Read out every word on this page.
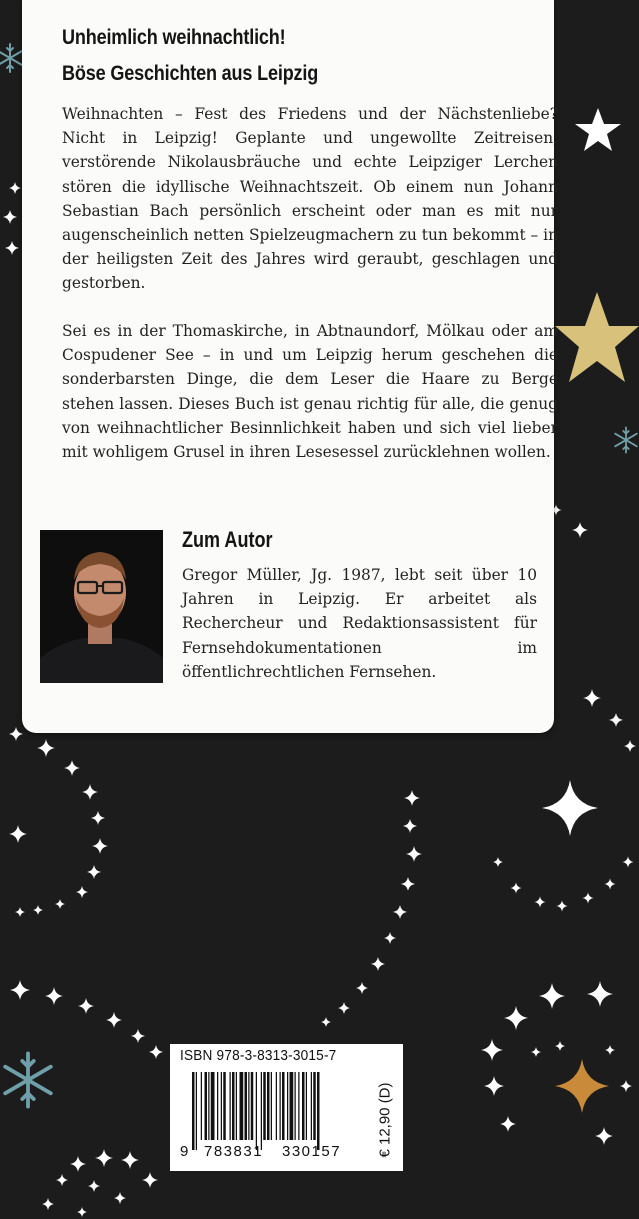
Unheimlich weihnachtlich!
Böse Geschichten aus Leipzig

Weihnachten – Fest des Friedens und der Nächstenliebe? Nicht in Leipzig! Geplante und ungewollte Zeitreisen, verstörende Nikolausbräuche und echte Leipziger Lerchen stören die idyllische Weihnachtszeit. Ob einem nun Johann Sebastian Bach persönlich erscheint oder man es mit nur augenscheinlich netten Spielzeugmachern zu tun bekommt – in der heiligsten Zeit des Jahres wird geraubt, geschlagen und gestorben.

Sei es in der Thomaskirche, in Abtnaundorf, Mölkau oder am Cospudener See – in und um Leipzig herum geschehen die sonderbarsten Dinge, die dem Leser die Haare zu Berge stehen lassen. Dieses Buch ist genau richtig für alle, die genug von weihnachtlicher Besinnlichkeit haben und sich viel lieber mit wohligem Grusel in ihren Lesesessel zurücklehnen wollen.

Zum Autor

Gregor Müller, Jg. 1987, lebt seit über 10 Jahren in Leipzig. Er arbeitet als Rechercheur und Redaktionsassistent für Fernsehdokumentationen im öffentlichrechtlichen Fernsehen.

ISBN 978-3-8313-3015-7
9 783831 330157 € 12,90 (D)
